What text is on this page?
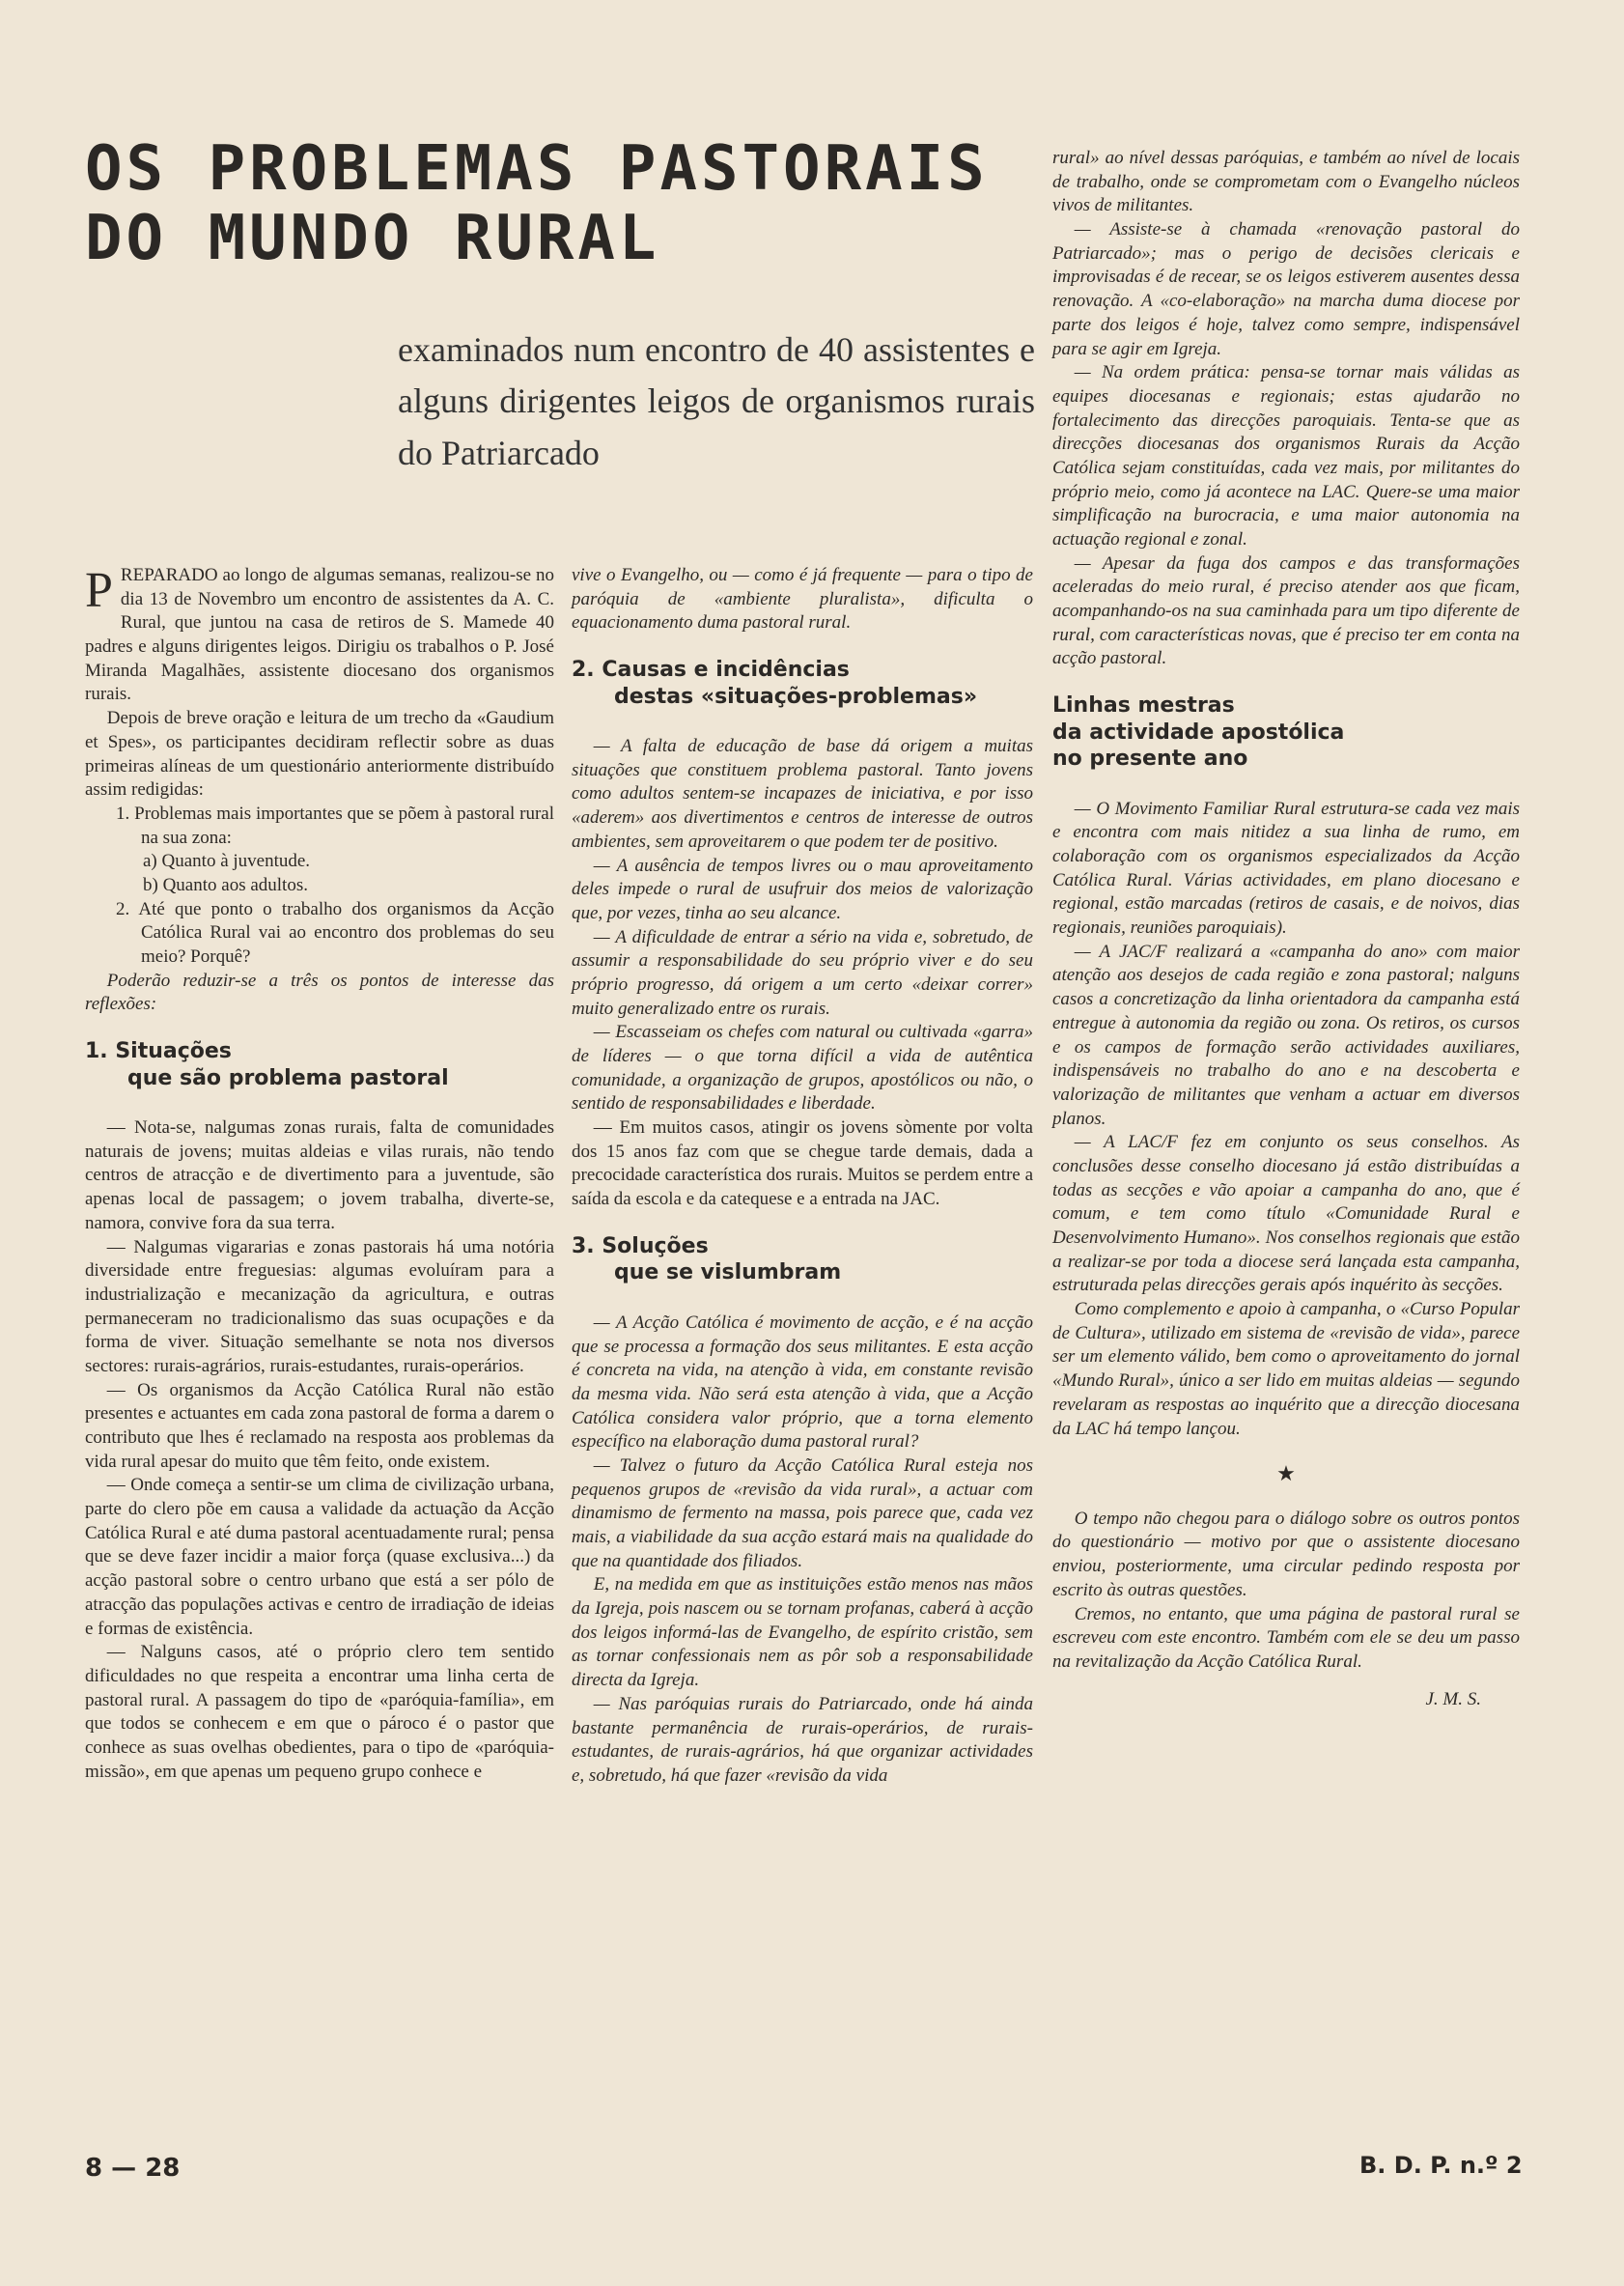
OS PROBLEMAS PASTORAIS DO MUNDO RURAL

examinados num encontro de 40 assistentes e alguns dirigentes leigos de organismos rurais do Patriarcado

PREPARADO ao longo de algumas semanas, realizou-se no dia 13 de Novembro um encontro de assistentes da A. C. Rural, que juntou na casa de retiros de S. Mamede 40 padres e alguns dirigentes leigos. Dirigiu os trabalhos o P. José Miranda Magalhães, assistente diocesano dos organismos rurais.

Depois de breve oração e leitura de um trecho da «Gaudium et Spes», os participantes decidiram reflectir sobre as duas primeiras alíneas de um questionário anteriormente distribuído assim redigidas:

1. Problemas mais importantes que se põem à pastoral rural na sua zona:
a) Quanto à juventude.
b) Quanto aos adultos.
2. Até que ponto o trabalho dos organismos da Acção Católica Rural vai ao encontro dos problemas do seu meio? Porquê?

Poderão reduzir-se a três os pontos de interesse das reflexões:

1. Situações
que são problema pastoral

— Nota-se, nalgumas zonas rurais, falta de comunidades naturais de jovens; muitas aldeias e vilas rurais, não tendo centros de atracção e de divertimento para a juventude, são apenas local de passagem; o jovem trabalha, diverte-se, namora, convive fora da sua terra.

— Nalgumas vigararias e zonas pastorais há uma notória diversidade entre freguesias: algumas evoluíram para a industrialização e mecanização da agricultura, e outras permaneceram no tradicionalismo das suas ocupações e da forma de viver. Situação semelhante se nota nos diversos sectores: rurais-agrários, rurais-estudantes, rurais-operários.

— Os organismos da Acção Católica Rural não estão presentes e actuantes em cada zona pastoral de forma a darem o contributo que lhes é reclamado na resposta aos problemas da vida rural apesar do muito que têm feito, onde existem.

— Onde começa a sentir-se um clima de civilização urbana, parte do clero põe em causa a validade da actuação da Acção Católica Rural e até duma pastoral acentuadamente rural; pensa que se deve fazer incidir a maior força (quase exclusiva...) da acção pastoral sobre o centro urbano que está a ser pólo de atracção das populações activas e centro de irradiação de ideias e formas de existência.

— Nalguns casos, até o próprio clero tem sentido dificuldades no que respeita a encontrar uma linha certa de pastoral rural. A passagem do tipo de «paróquia-família», em que todos se conhecem e em que o pároco é o pastor que conhece as suas ovelhas obedientes, para o tipo de «paróquia-missão», em que apenas um pequeno grupo conhece e

vive o Evangelho, ou — como é já frequente — para o tipo de paróquia de «ambiente pluralista», dificulta o equacionamento duma pastoral rural.

2. Causas e incidências
destas «situações-problemas»

— A falta de educação de base dá origem a muitas situações que constituem problema pastoral. Tanto jovens como adultos sentem-se incapazes de iniciativa, e por isso «aderem» aos divertimentos e centros de interesse de outros ambientes, sem aproveitarem o que podem ter de positivo.

— A ausência de tempos livres ou o mau aproveitamento deles impede o rural de usufruir dos meios de valorização que, por vezes, tinha ao seu alcance.

— A dificuldade de entrar a sério na vida e, sobretudo, de assumir a responsabilidade do seu próprio viver e do seu próprio progresso, dá origem a um certo «deixar correr» muito generalizado entre os rurais.

— Escasseiam os chefes com natural ou cultivada «garra» de líderes — o que torna difícil a vida de autêntica comunidade, a organização de grupos, apostólicos ou não, o sentido de responsabilidades e liberdade.

— Em muitos casos, atingir os jovens sòmente por volta dos 15 anos faz com que se chegue tarde demais, dada a precocidade característica dos rurais. Muitos se perdem entre a saída da escola e da catequese e a entrada na JAC.

3. Soluções
que se vislumbram

— A Acção Católica é movimento de acção, e é na acção que se processa a formação dos seus militantes. E esta acção é concreta na vida, na atenção à vida, em constante revisão da mesma vida. Não será esta atenção à vida, que a Acção Católica considera valor próprio, que a torna elemento específico na elaboração duma pastoral rural?

— Talvez o futuro da Acção Católica Rural esteja nos pequenos grupos de «revisão da vida rural», a actuar com dinamismo de fermento na massa, pois parece que, cada vez mais, a viabilidade da sua acção estará mais na qualidade do que na quantidade dos filiados.

E, na medida em que as instituições estão menos nas mãos da Igreja, pois nascem ou se tornam profanas, caberá à acção dos leigos informá-las de Evangelho, de espírito cristão, sem as tornar confessionais nem as pôr sob a responsabilidade directa da Igreja.

— Nas paróquias rurais do Patriarcado, onde há ainda bastante permanência de rurais-operários, de rurais-estudantes, de rurais-agrários, há que organizar actividades e, sobretudo, há que fazer «revisão da vida

rural» ao nível dessas paróquias, e também ao nível de locais de trabalho, onde se comprometam com o Evangelho núcleos vivos de militantes.

— Assiste-se à chamada «renovação pastoral do Patriarcado»; mas o perigo de decisões clericais e improvisadas é de recear, se os leigos estiverem ausentes dessa renovação. A «co-elaboração» na marcha duma diocese por parte dos leigos é hoje, talvez como sempre, indispensável para se agir em Igreja.

— Na ordem prática: pensa-se tornar mais válidas as equipes diocesanas e regionais; estas ajudarão no fortalecimento das direcções paroquiais. Tenta-se que as direcções diocesanas dos organismos Rurais da Acção Católica sejam constituídas, cada vez mais, por militantes do próprio meio, como já acontece na LAC. Quere-se uma maior simplificação na burocracia, e uma maior autonomia na actuação regional e zonal.

— Apesar da fuga dos campos e das transformações aceleradas do meio rural, é preciso atender aos que ficam, acompanhando-os na sua caminhada para um tipo diferente de rural, com características novas, que é preciso ter em conta na acção pastoral.

Linhas mestras
da actividade apostólica
no presente ano

— O Movimento Familiar Rural estrutura-se cada vez mais e encontra com mais nitidez a sua linha de rumo, em colaboração com os organismos especializados da Acção Católica Rural. Várias actividades, em plano diocesano e regional, estão marcadas (retiros de casais, e de noivos, dias regionais, reuniões paroquiais).

— A JAC/F realizará a «campanha do ano» com maior atenção aos desejos de cada região e zona pastoral; nalguns casos a concretização da linha orientadora da campanha está entregue à autonomia da região ou zona. Os retiros, os cursos e os campos de formação serão actividades auxiliares, indispensáveis no trabalho do ano e na descoberta e valorização de militantes que venham a actuar em diversos planos.

— A LAC/F fez em conjunto os seus conselhos. As conclusões desse conselho diocesano já estão distribuídas a todas as secções e vão apoiar a campanha do ano, que é comum, e tem como título «Comunidade Rural e Desenvolvimento Humano». Nos conselhos regionais que estão a realizar-se por toda a diocese será lançada esta campanha, estruturada pelas direcções gerais após inquérito às secções.

Como complemento e apoio à campanha, o «Curso Popular de Cultura», utilizado em sistema de «revisão de vida», parece ser um elemento válido, bem como o aproveitamento do jornal «Mundo Rural», único a ser lido em muitas aldeias — segundo revelaram as respostas ao inquérito que a direcção diocesana da LAC há tempo lançou.

★

O tempo não chegou para o diálogo sobre os outros pontos do questionário — motivo por que o assistente diocesano enviou, posteriormente, uma circular pedindo resposta por escrito às outras questões.

Cremos, no entanto, que uma página de pastoral rural se escreveu com este encontro. Também com ele se deu um passo na revitalização da Acção Católica Rural.

J. M. S.
8 — 28	B. D. P. n.º 2
